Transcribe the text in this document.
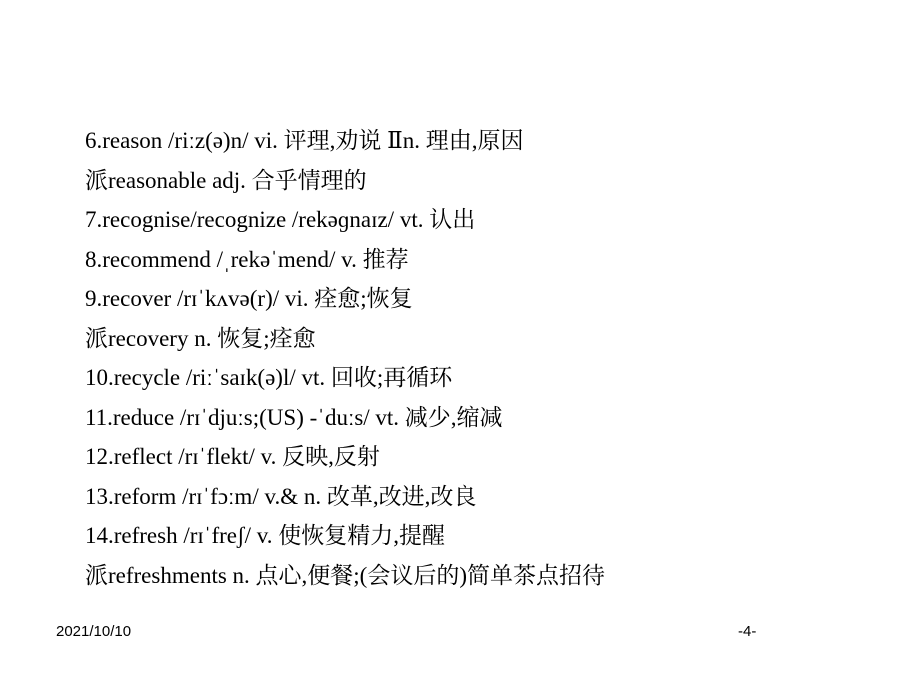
6.reason /riːz(ə)n/ vi. 评理,劝说 Ⅱn. 理由,原因
派reasonable adj. 合乎情理的
7.recognise/recognize /rekəɡnaɪz/ vt. 认出
8.recommend /ˌrekəˈmend/ v. 推荐
9.recover /rɪˈkʌvə(r)/ vi. 痊愈;恢复
派recovery n. 恢复;痊愈
10.recycle /riːˈsaɪk(ə)l/ vt. 回收;再循环
11.reduce /rɪˈdjuːs;(US) -ˈduːs/ vt. 减少,缩减
12.reflect /rɪˈflekt/ v. 反映,反射
13.reform /rɪˈfɔːm/ v.& n. 改革,改进,改良
14.refresh /rɪˈfreʃ/ v. 使恢复精力,提醒
派refreshments n. 点心,便餐;(会议后的)简单茶点招待
2021/10/10	-4-
